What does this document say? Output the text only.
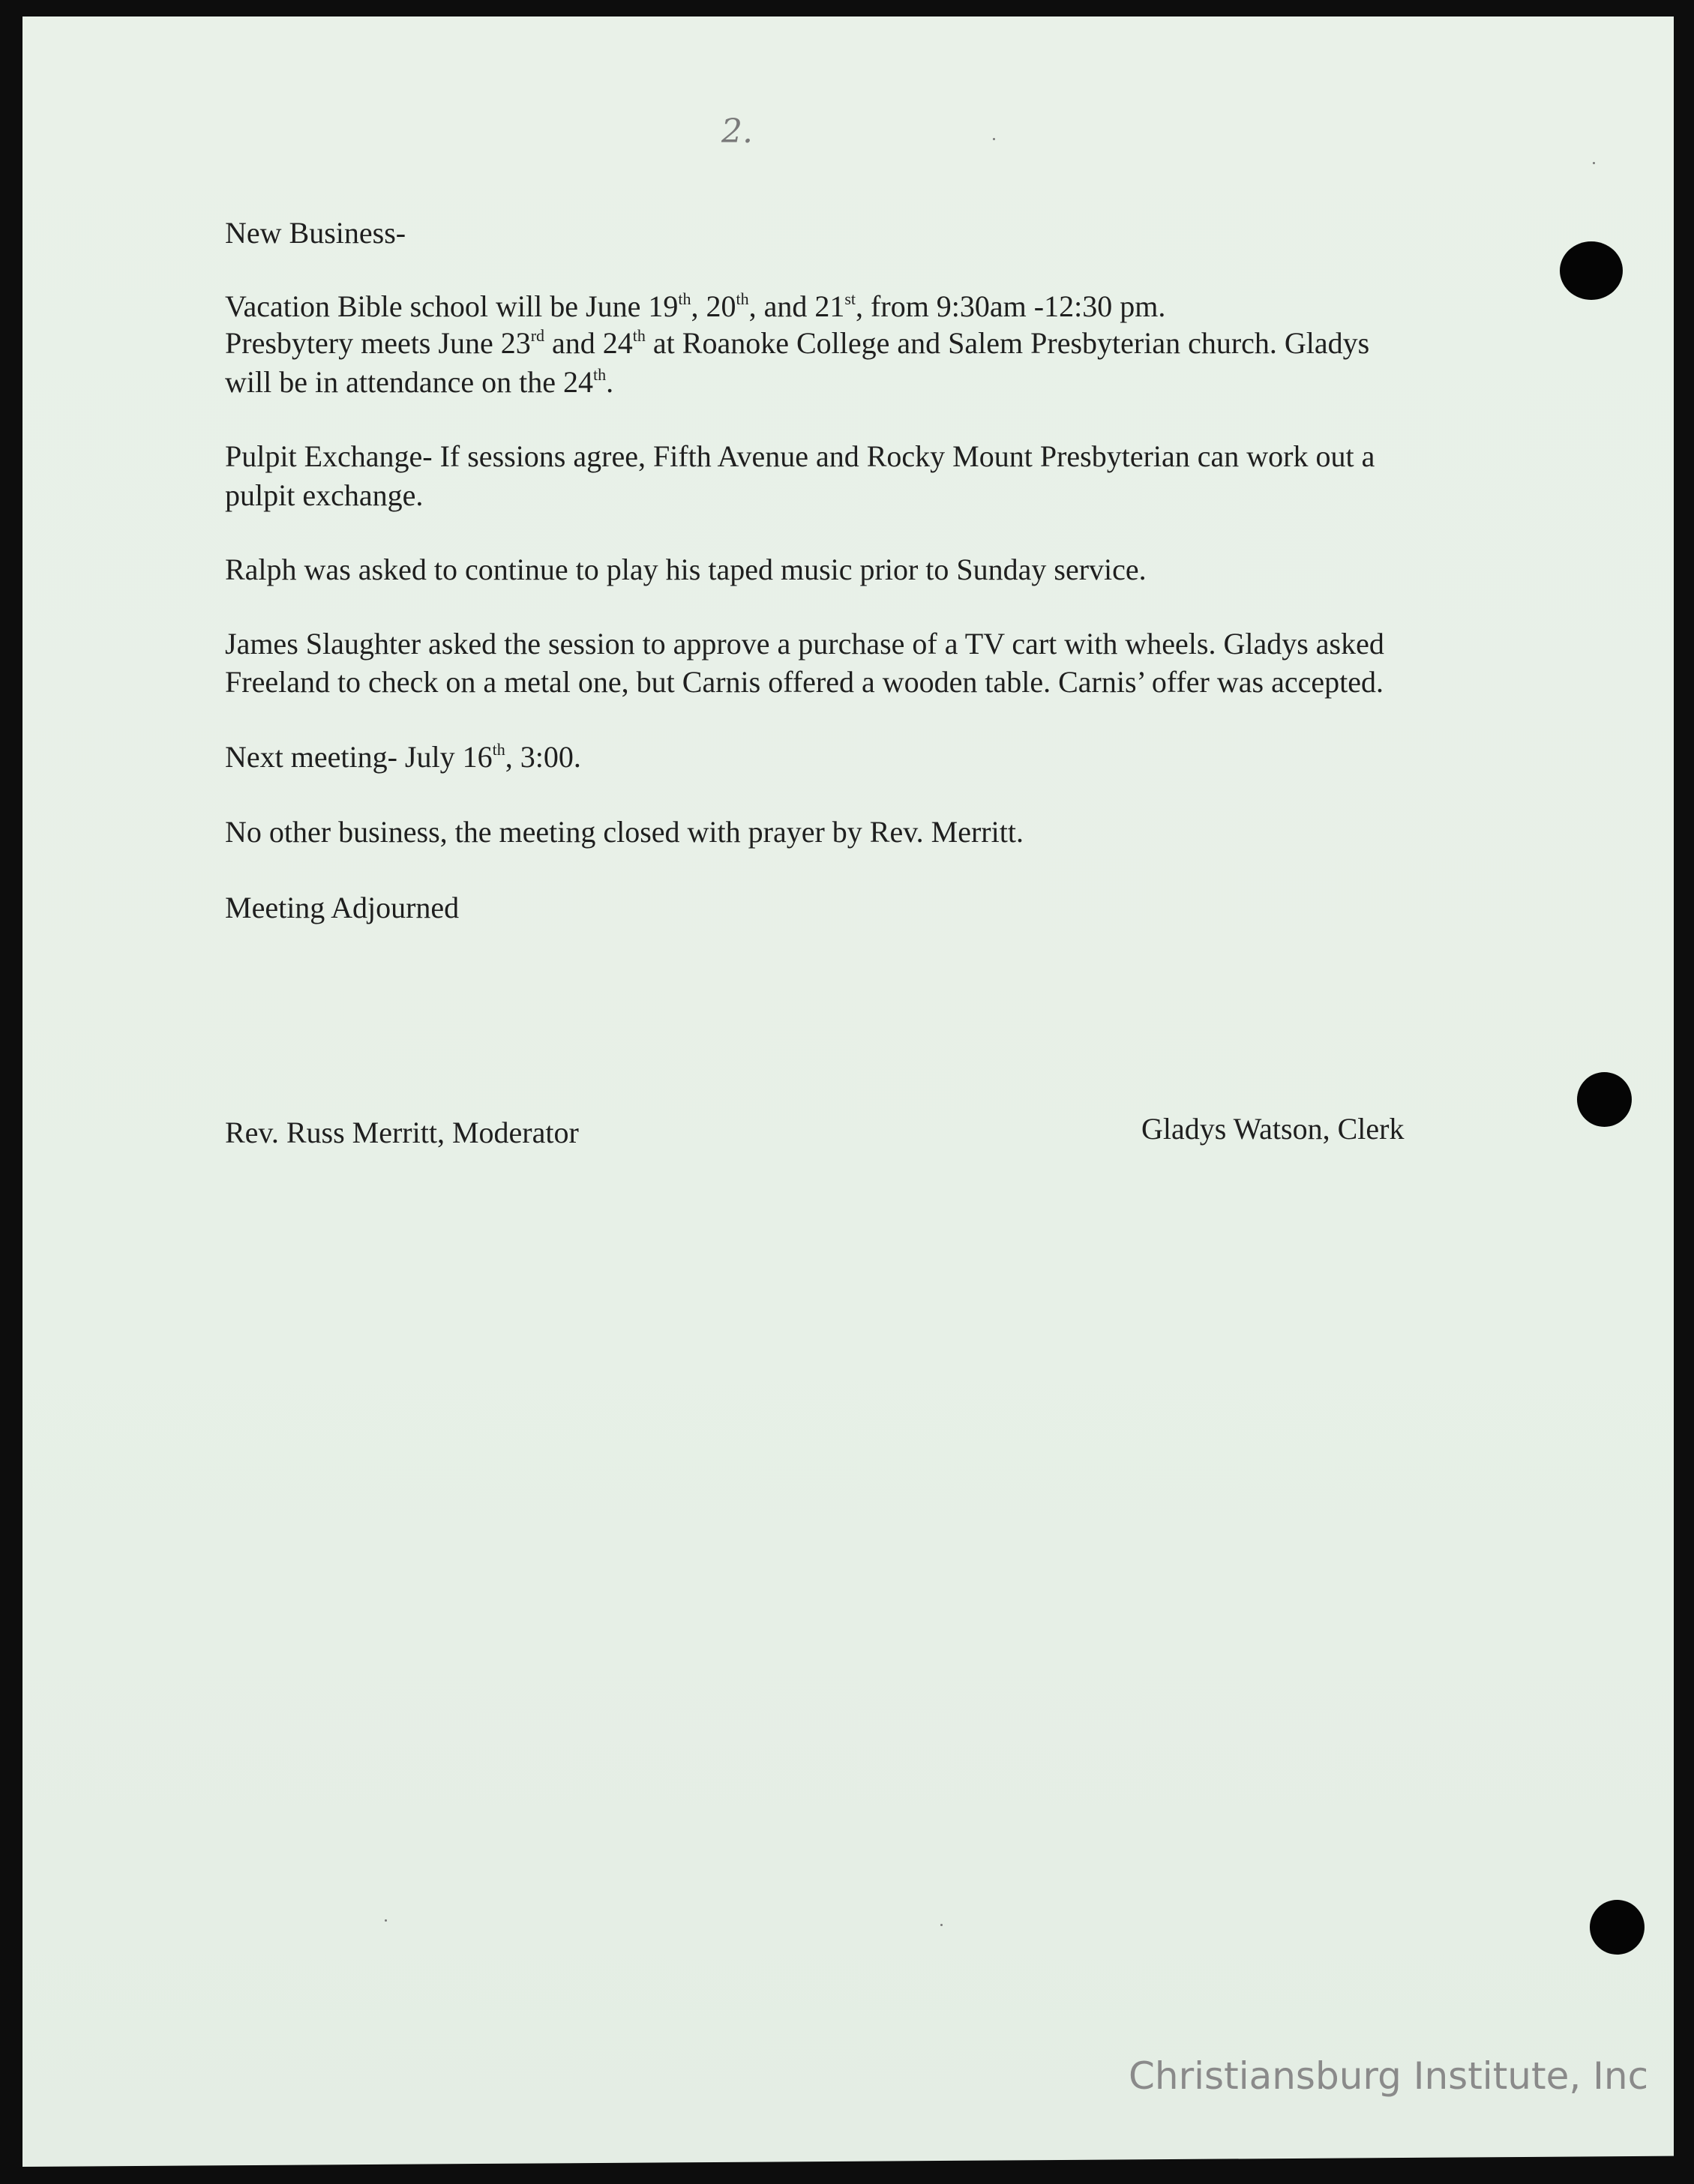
2.
New Business-
Vacation Bible school will be June 19th, 20th, and 21st, from 9:30am -12:30 pm.
Presbytery meets June 23rd and 24th at Roanoke College and Salem Presbyterian church. Gladys
will be in attendance on the 24th.
Pulpit Exchange- If sessions agree, Fifth Avenue and Rocky Mount Presbyterian can work out a
pulpit exchange.
Ralph was asked to continue to play his taped music prior to Sunday service.
James Slaughter asked the session to approve a purchase of a TV cart with wheels. Gladys asked
Freeland to check on a metal one, but Carnis offered a wooden table. Carnis’ offer was accepted.
Next meeting- July 16th, 3:00.
No other business, the meeting closed with prayer by Rev. Merritt.
Meeting Adjourned
Rev. Russ Merritt, Moderator	Gladys Watson, Clerk
Christiansburg Institute, Inc
